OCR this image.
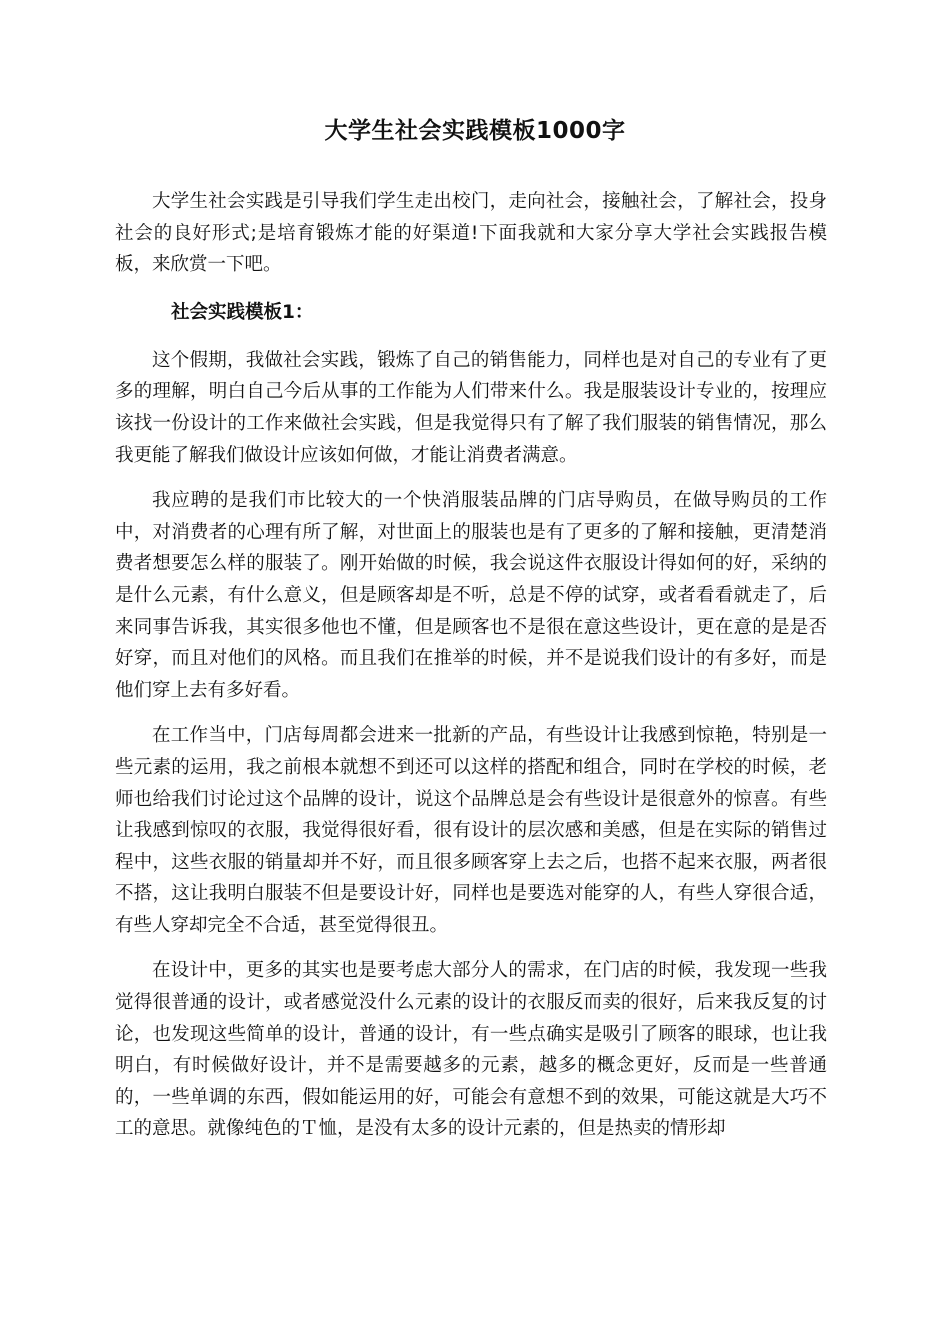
大学生社会实践模板1000字

大学生社会实践是引导我们学生走出校门，走向社会，接触社会，了解社会，投身社会的良好形式;是培育锻炼才能的好渠道!下面我就和大家分享大学社会实践报告模板，来欣赏一下吧。

社会实践模板1：

这个假期，我做社会实践，锻炼了自己的销售能力，同样也是对自己的专业有了更多的理解，明白自己今后从事的工作能为人们带来什么。我是服装设计专业的，按理应该找一份设计的工作来做社会实践，但是我觉得只有了解了我们服装的销售情况，那么我更能了解我们做设计应该如何做，才能让消费者满意。

我应聘的是我们市比较大的一个快消服装品牌的门店导购员，在做导购员的工作中，对消费者的心理有所了解，对世面上的服装也是有了更多的了解和接触，更清楚消费者想要怎么样的服装了。刚开始做的时候，我会说这件衣服设计得如何的好，采纳的是什么元素，有什么意义，但是顾客却是不听，总是不停的试穿，或者看看就走了，后来同事告诉我，其实很多他也不懂，但是顾客也不是很在意这些设计，更在意的是是否好穿，而且对他们的风格。而且我们在推举的时候，并不是说我们设计的有多好，而是他们穿上去有多好看。

在工作当中，门店每周都会进来一批新的产品，有些设计让我感到惊艳，特别是一些元素的运用，我之前根本就想不到还可以这样的搭配和组合，同时在学校的时候，老师也给我们讨论过这个品牌的设计，说这个品牌总是会有些设计是很意外的惊喜。有些让我感到惊叹的衣服，我觉得很好看，很有设计的层次感和美感，但是在实际的销售过程中，这些衣服的销量却并不好，而且很多顾客穿上去之后，也搭不起来衣服，两者很不搭，这让我明白服装不但是要设计好，同样也是要选对能穿的人，有些人穿很合适，有些人穿却完全不合适，甚至觉得很丑。

在设计中，更多的其实也是要考虑大部分人的需求，在门店的时候，我发现一些我觉得很普通的设计，或者感觉没什么元素的设计的衣服反而卖的很好，后来我反复的讨论，也发现这些简单的设计，普通的设计，有一些点确实是吸引了顾客的眼球，也让我明白，有时候做好设计，并不是需要越多的元素，越多的概念更好，反而是一些普通的，一些单调的东西，假如能运用的好，可能会有意想不到的效果，可能这就是大巧不工的意思。就像纯色的Ｔ恤，是没有太多的设计元素的，但是热卖的情形却
